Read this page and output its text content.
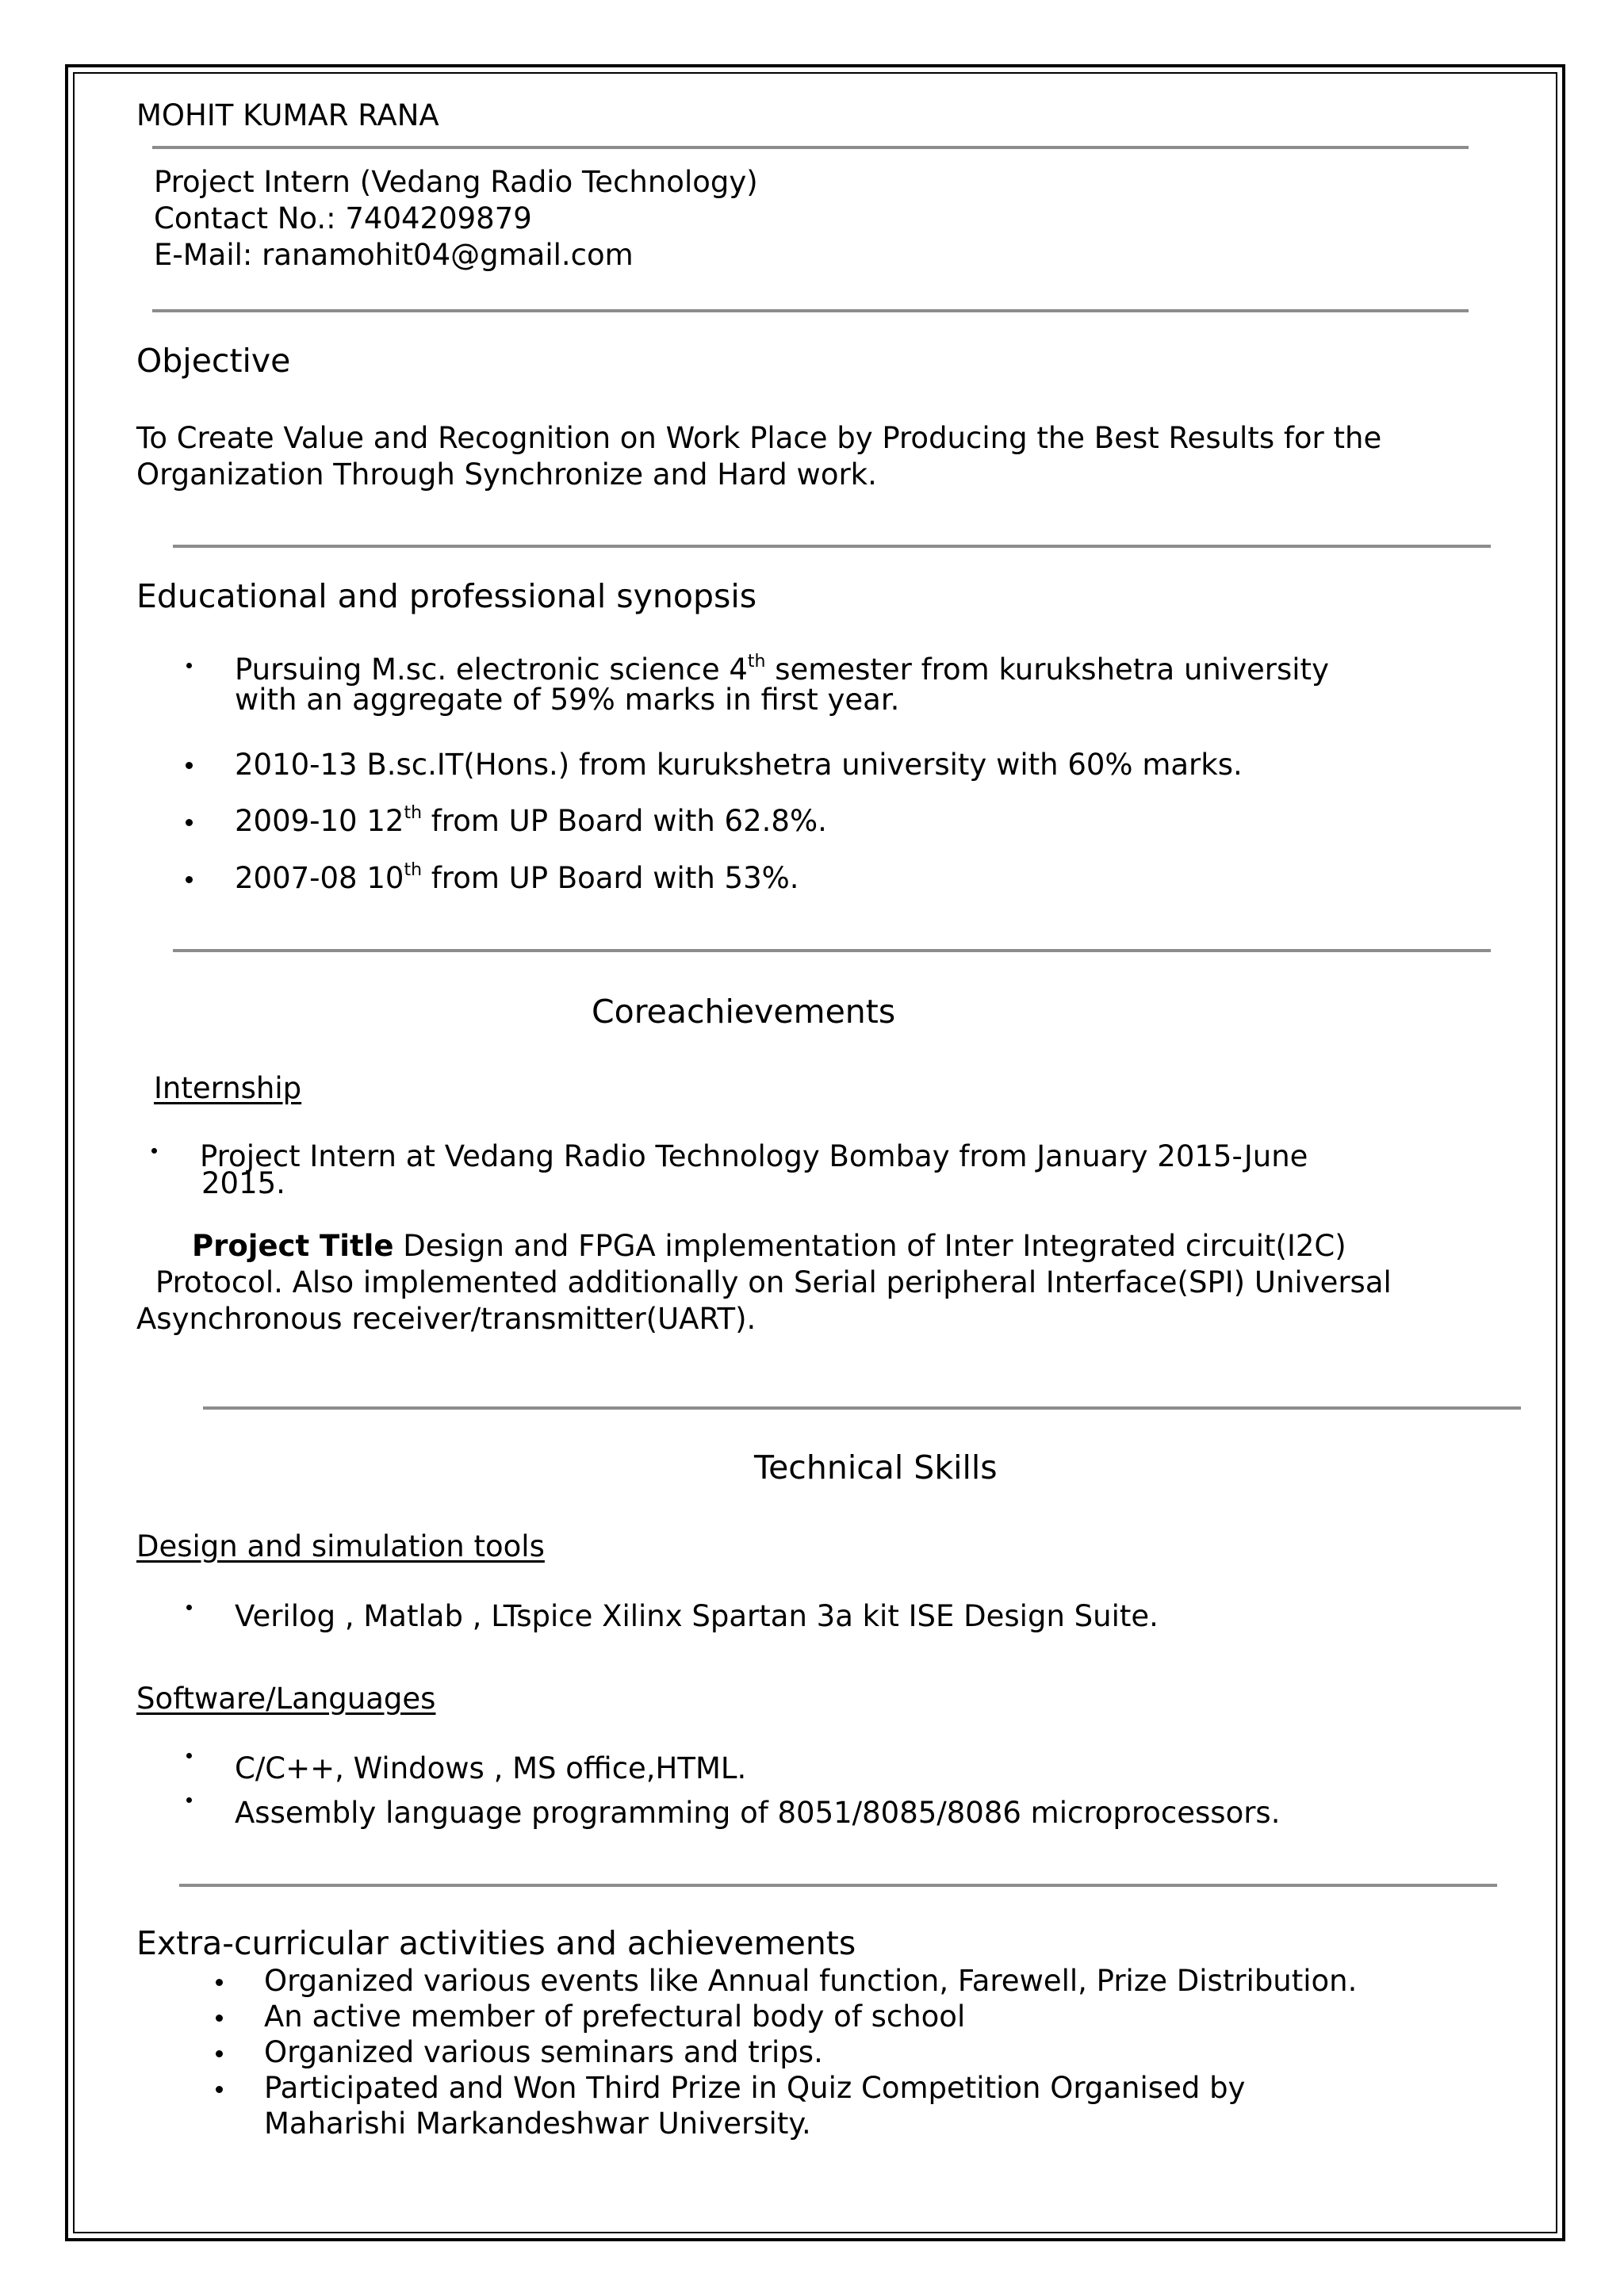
MOHIT KUMAR RANA
Project Intern (Vedang Radio Technology)
Contact No.: 7404209879
E-Mail: ranamohit04@gmail.com
Objective
To Create Value and Recognition on Work Place by Producing the Best Results for the
Organization Through Synchronize and Hard work.
Educational and professional synopsis
Pursuing M.sc. electronic science 4th semester from kurukshetra university
with an aggregate of 59% marks in first year.
2010-13 B.sc.IT(Hons.) from kurukshetra university with 60% marks.
2009-10 12th from UP Board with 62.8%.
2007-08 10th from UP Board with 53%.
Coreachievements
Internship
Project Intern at Vedang Radio Technology Bombay from January 2015-June
2015.
Project Title Design and FPGA implementation of Inter Integrated circuit(I2C)
Protocol. Also implemented additionally on Serial peripheral Interface(SPI) Universal
Asynchronous receiver/transmitter(UART).
Technical Skills
Design and simulation tools
Verilog , Matlab , LTspice Xilinx Spartan 3a kit ISE Design Suite.
Software/Languages
C/C++, Windows , MS office,HTML.
Assembly language programming of 8051/8085/8086 microprocessors.
Extra-curricular activities and achievements
Organized various events like Annual function, Farewell, Prize Distribution.
An active member of prefectural body of school
Organized various seminars and trips.
Participated and Won Third Prize in Quiz Competition Organised by
Maharishi Markandeshwar University.
